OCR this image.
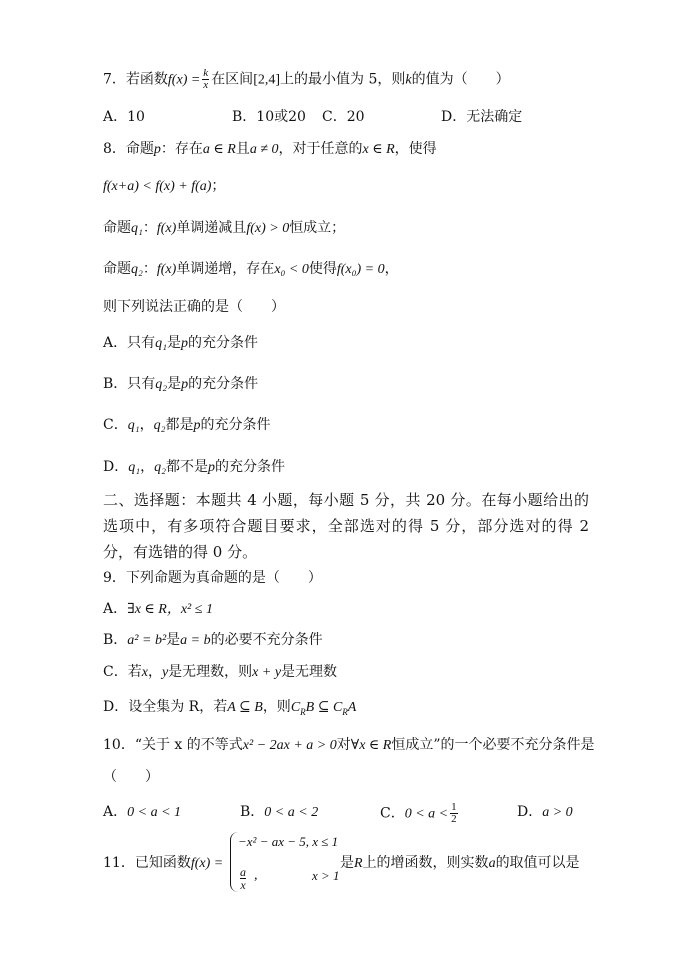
7．若函数$f(x) = \frac{k}{x}$ 在区间[2,4]上的最小值为 5，则k的值为（　　）
A．10	B．10或20 C．20	D．无法确定
8．命题p：存在a ∈ R且a ≠ 0，对于任意的x ∈ R，使得
f(x+a) < f(x) + f(a)；
命题q₁：f(x)单调递减且f(x) > 0恒成立；
命题q₂：f(x)单调递增，存在x₀ < 0使得f(x₀) = 0，
则下列说法正确的是（　　）
A．只有q₁是p的充分条件
B．只有q₂是p的充分条件
C．q₁，q₂都是p的充分条件
D．q₁，q₂都不是p的充分条件
二、选择题：本题共 4 小题，每小题 5 分，共 20 分。在每小题给出的选项中，有多项符合题目要求，全部选对的得 5 分，部分选对的得 2 分，有选错的得 0 分。
9．下列命题为真命题的是（　　）
A．∃x ∈ R，x² ≤ 1
B．a² = b²是a = b的必要不充分条件
C．若x，y是无理数，则x + y是无理数
D．设全集为 R，若A ⊆ B，则$C_RB$ ⊆ $C_RA$
10．“关于 x 的不等式x² − 2ax + a > 0对∀x ∈ R恒成立”的一个必要不充分条件是
（　　）
A．0 < a < 1	B．0 < a < 2	C．$0 < a < \frac{1}{2}$	D．a > 0
11．已知函数f(x) =
−x² − ax − 5, x ≤ 1
$\frac{a}{x}$ ,	x > 1
是R上的增函数，则实数a的取值可以是
